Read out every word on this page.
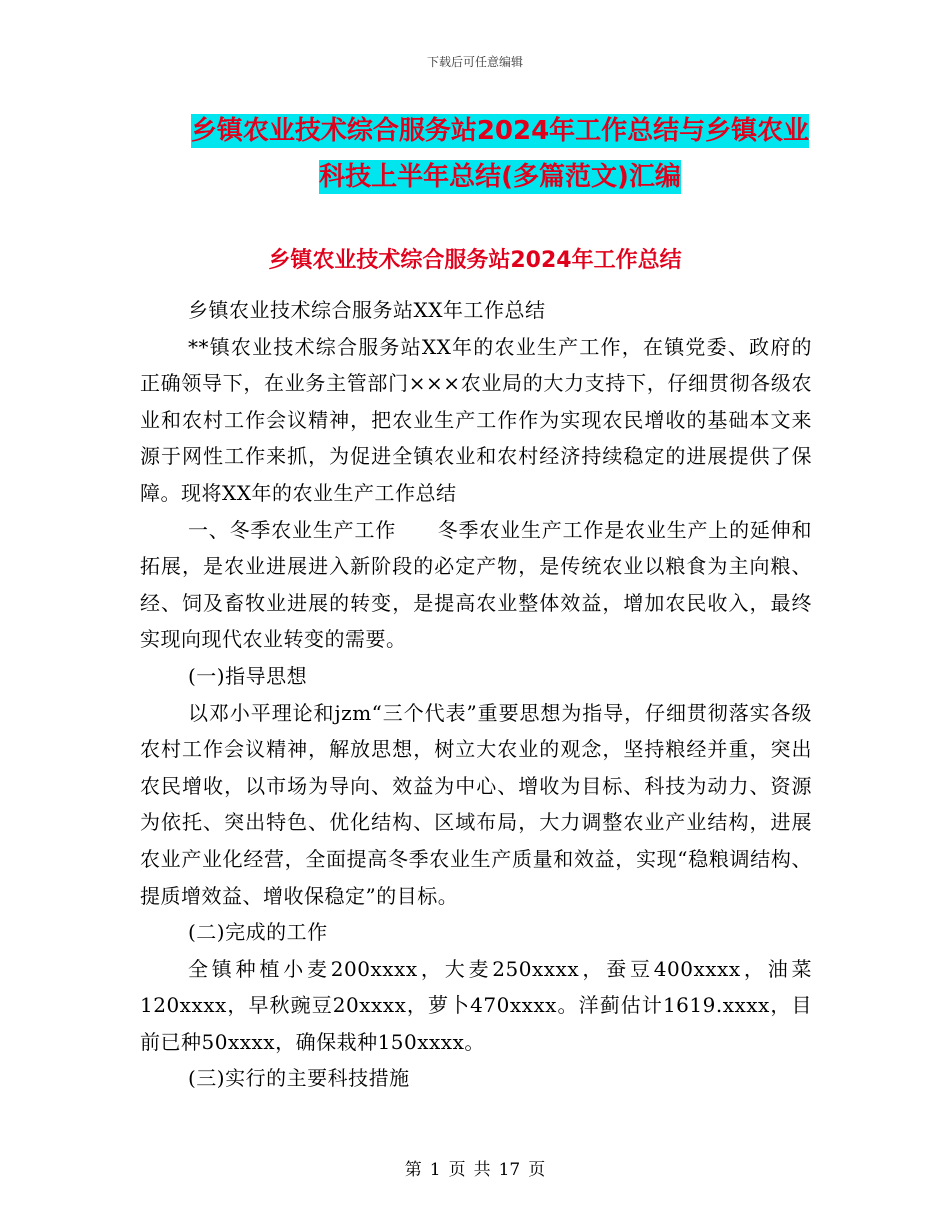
下载后可任意编辑
乡镇农业技术综合服务站2024年工作总结与乡镇农业
科技上半年总结(多篇范文)汇编
乡镇农业技术综合服务站2024年工作总结

乡镇农业技术综合服务站XX年工作总结

**镇农业技术综合服务站XX年的农业生产工作，在镇党委、政府的正确领导下，在业务主管部门×××农业局的大力支持下，仔细贯彻各级农业和农村工作会议精神，把农业生产工作作为实现农民增收的基础本文来源于网性工作来抓，为促进全镇农业和农村经济持续稳定的进展提供了保障。现将XX年的农业生产工作总结

一、冬季农业生产工作　　冬季农业生产工作是农业生产上的延伸和拓展，是农业进展进入新阶段的必定产物，是传统农业以粮食为主向粮、经、饲及畜牧业进展的转变，是提高农业整体效益，增加农民收入，最终实现向现代农业转变的需要。

(一)指导思想

以邓小平理论和jzm“三个代表”重要思想为指导，仔细贯彻落实各级农村工作会议精神，解放思想，树立大农业的观念，坚持粮经并重，突出农民增收，以市场为导向、效益为中心、增收为目标、科技为动力、资源为依托、突出特色、优化结构、区域布局，大力调整农业产业结构，进展农业产业化经营，全面提高冬季农业生产质量和效益，实现“稳粮调结构、提质增效益、增收保稳定”的目标。

(二)完成的工作

全镇种植小麦200xxxx，大麦250xxxx，蚕豆400xxxx，油菜120xxxx，早秋豌豆20xxxx，萝卜470xxxx。洋蓟估计1619.xxxx，目前已种50xxxx，确保栽种150xxxx。

(三)实行的主要科技措施

第 1 页 共 17 页
